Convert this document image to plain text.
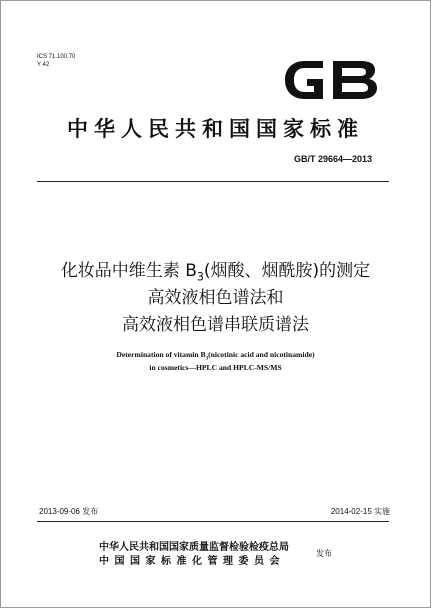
ICS 71.100.70
Y 42
中华人民共和国国家标准
GB/T 29664—2013
化妆品中维生素 $B_3$(烟酸、烟酰胺)的测定
高效液相色谱法和
高效液相色谱串联质谱法
Determination of vitamin $B_3(nicotinic$ acid and nicotinamide)
in cosmetics—HPLC and HPLC-MS/MS
2013-09-06 发布	2014-02-15 实施
中华人民共和国国家质量监督检验检疫总局
中国国家标准化管理委员会
发布
